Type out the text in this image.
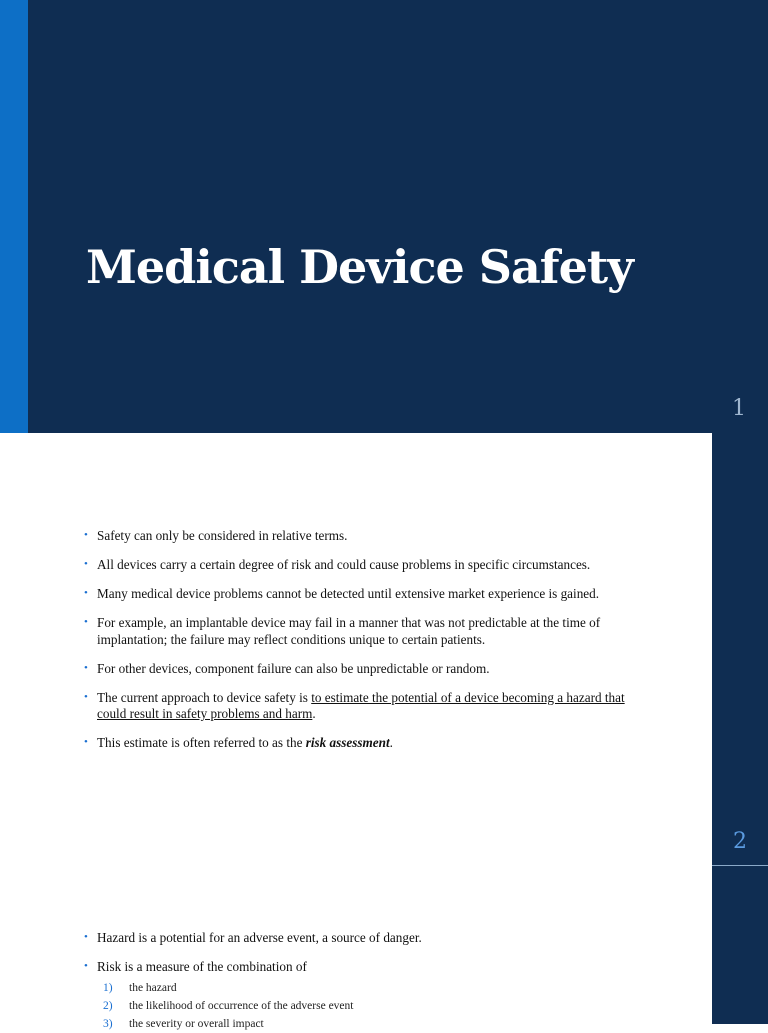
Medical Device Safety
1
2
• Safety can only be considered in relative terms.
• All devices carry a certain degree of risk and could cause problems in specific circumstances.
• Many medical device problems cannot be detected until extensive market experience is gained.
• For example, an implantable device may fail in a manner that was not predictable at the time of implantation; the failure may reflect conditions unique to certain patients.
• For other devices, component failure can also be unpredictable or random.
• The current approach to device safety is to estimate the potential of a device becoming a hazard that could result in safety problems and harm.
• This estimate is often referred to as the risk assessment.
• Hazard is a potential for an adverse event, a source of danger.
• Risk is a measure of the combination of
1) the hazard
2) the likelihood of occurrence of the adverse event
3) the severity or overall impact
